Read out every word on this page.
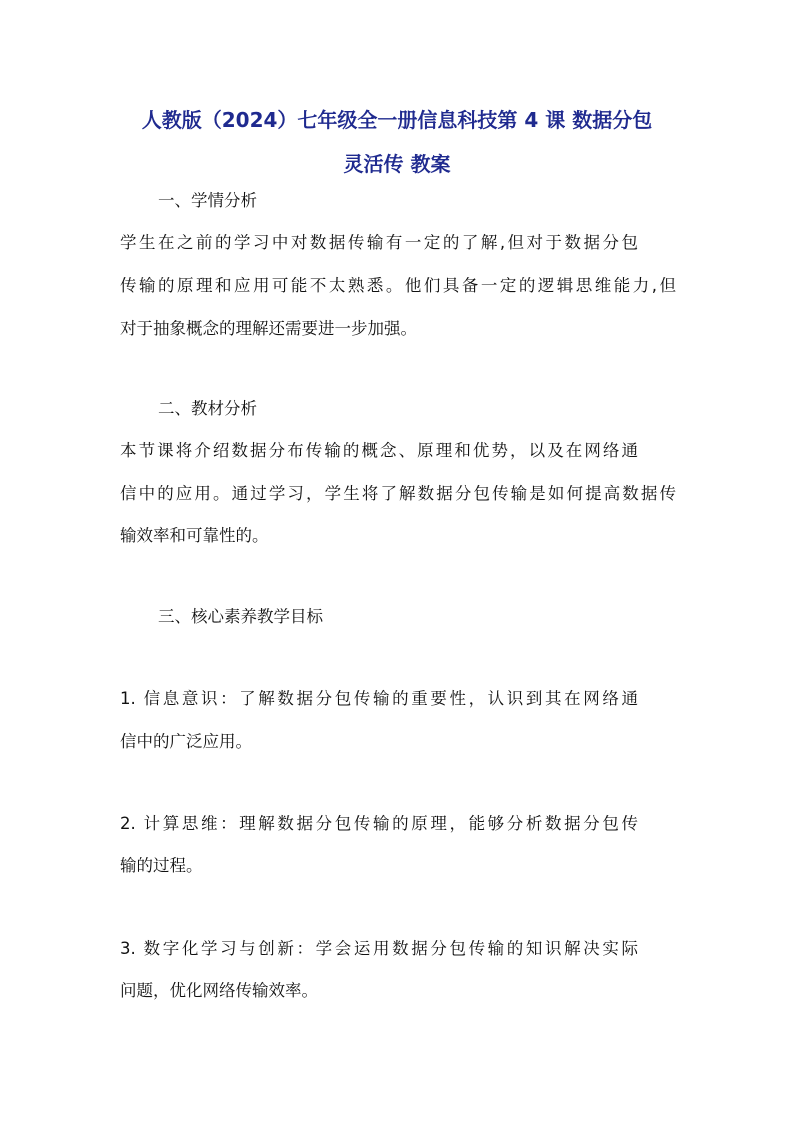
人教版（2024）七年级全一册信息科技第 4 课 数据分包
灵活传 教案
一、学情分析
学生在之前的学习中对数据传输有一定的了解,但对于数据分包
传输的原理和应用可能不太熟悉。他们具备一定的逻辑思维能力,但
对于抽象概念的理解还需要进一步加强。
二、教材分析
本节课将介绍数据分布传输的概念、原理和优势，以及在网络通
信中的应用。通过学习，学生将了解数据分包传输是如何提高数据传
输效率和可靠性的。
三、核心素养教学目标
1. 信息意识：了解数据分包传输的重要性，认识到其在网络通
信中的广泛应用。
2. 计算思维：理解数据分包传输的原理，能够分析数据分包传
输的过程。
3. 数字化学习与创新：学会运用数据分包传输的知识解决实际
问题，优化网络传输效率。
